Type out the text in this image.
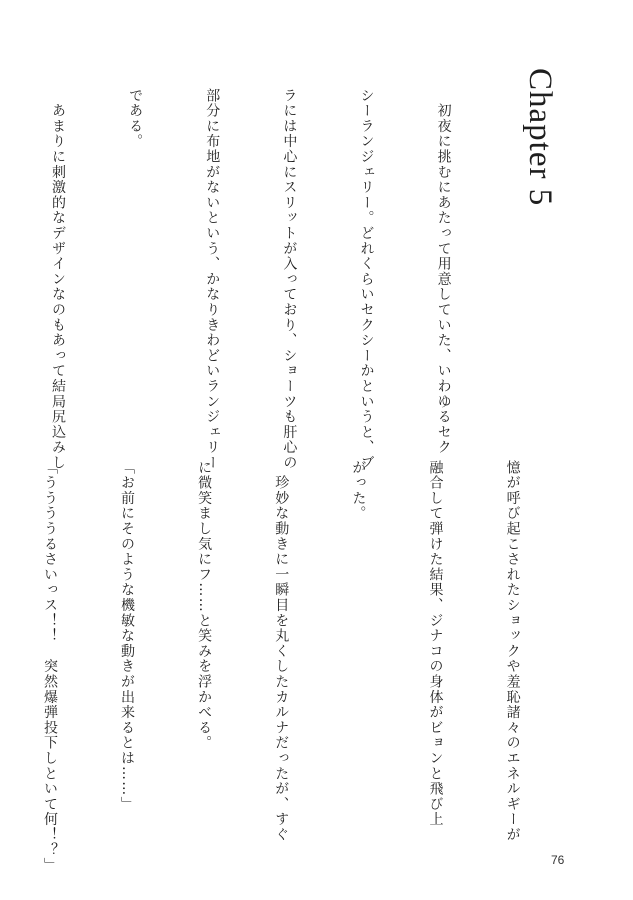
Chapter 5

　初夜に挑むにあたって用意していた、いわゆるセク

シーランジェリー。どれくらいセクシーかというと、ブ

ラには中心にスリットが入っており、ショーツも肝心の

部分に布地がないという、かなりきわどいランジェリー

である。

　あまりに刺激的なデザインなのもあって結局尻込みし

憶が呼び起こされたショックや羞恥諸々のエネルギーが

融合して弾けた結果、ジナコの身体がビョンと飛び上

がった。

　珍妙な動きに一瞬目を丸くしたカルナだったが、すぐ

に微笑まし気にフ……と笑みを浮かべる。

「お前にそのような機敏な動きが出来るとは……」

「ううううるさいっス！！　突然爆弾投下しといて何！？」

	76
